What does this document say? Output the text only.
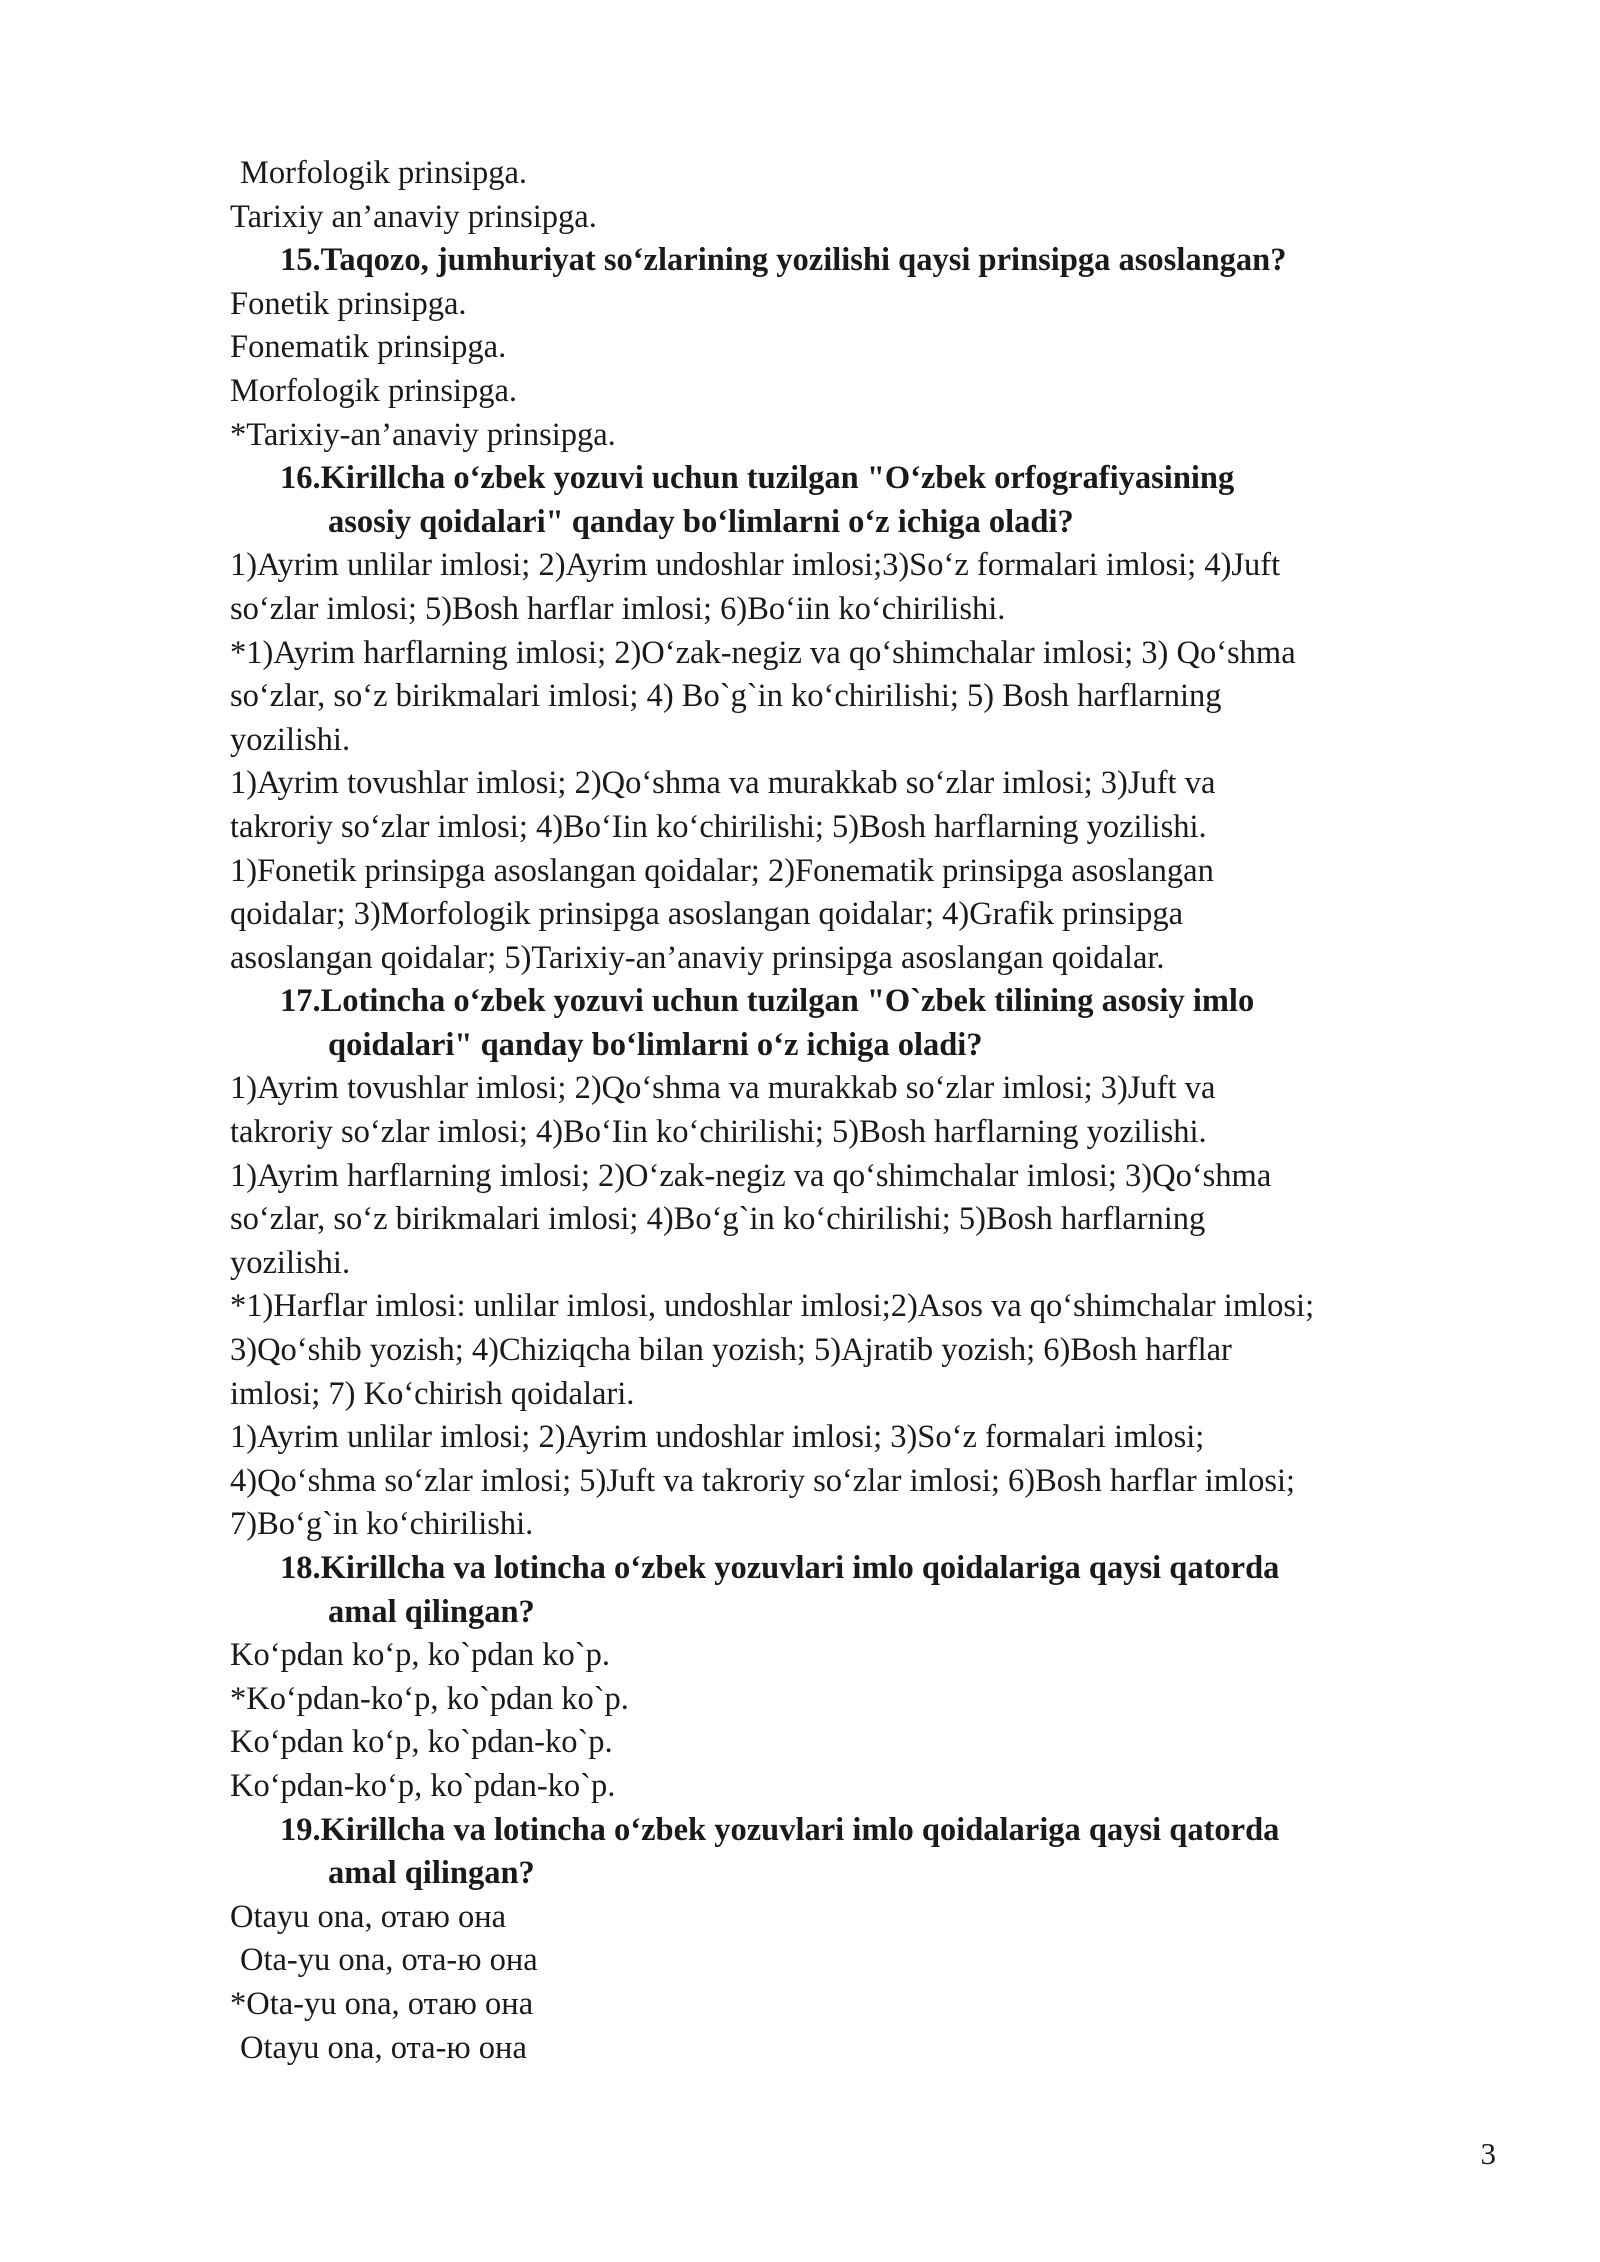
Morfologik prinsipga.
Tarixiy an’anaviy prinsipga.
15.Taqozo, jumhuriyat so‘zlarining yozilishi qaysi prinsipga asoslangan?
Fonetik prinsipga.
Fonematik prinsipga.
Morfologik prinsipga.
*Tarixiy-an’anaviy prinsipga.
16.Kirillcha o‘zbek yozuvi uchun tuzilgan "O‘zbek orfografiyasining
asosiy qoidalari" qanday bo‘limlarni o‘z ichiga oladi?
1)Ayrim unlilar imlosi; 2)Ayrim undoshlar imlosi;3)So‘z formalari imlosi; 4)Juft
so‘zlar imlosi; 5)Bosh harflar imlosi; 6)Bo‘iin ko‘chirilishi.
*1)Ayrim harflarning imlosi; 2)O‘zak-negiz va qo‘shimchalar imlosi; 3) Qo‘shma
so‘zlar, so‘z birikmalari imlosi; 4) Bo`g`in ko‘chirilishi; 5) Bosh harflarning
yozilishi.
1)Ayrim tovushlar imlosi; 2)Qo‘shma va murakkab so‘zlar imlosi; 3)Juft va
takroriy so‘zlar imlosi; 4)Bo‘Iin ko‘chirilishi; 5)Bosh harflarning yozilishi.
1)Fonetik prinsipga asoslangan qoidalar; 2)Fonematik prinsipga asoslangan
qoidalar; 3)Morfologik prinsipga asoslangan qoidalar; 4)Grafik prinsipga
asoslangan qoidalar; 5)Tarixiy-an’anaviy prinsipga asoslangan qoidalar.
17.Lotincha o‘zbek yozuvi uchun tuzilgan "O`zbek tilining asosiy imlo
qoidalari" qanday bo‘limlarni o‘z ichiga oladi?
1)Ayrim tovushlar imlosi; 2)Qo‘shma va murakkab so‘zlar imlosi; 3)Juft va
takroriy so‘zlar imlosi; 4)Bo‘Iin ko‘chirilishi; 5)Bosh harflarning yozilishi.
1)Ayrim harflarning imlosi; 2)O‘zak-negiz va qo‘shimchalar imlosi; 3)Qo‘shma
so‘zlar, so‘z birikmalari imlosi; 4)Bo‘g`in ko‘chirilishi; 5)Bosh harflarning
yozilishi.
*1)Harflar imlosi: unlilar imlosi, undoshlar imlosi;2)Asos va qo‘shimchalar imlosi;
3)Qo‘shib yozish; 4)Chiziqcha bilan yozish; 5)Ajratib yozish; 6)Bosh harflar
imlosi; 7) Ko‘chirish qoidalari.
1)Ayrim unlilar imlosi; 2)Ayrim undoshlar imlosi; 3)So‘z formalari imlosi;
4)Qo‘shma so‘zlar imlosi; 5)Juft va takroriy so‘zlar imlosi; 6)Bosh harflar imlosi;
7)Bo‘g`in ko‘chirilishi.
18.Kirillcha va lotincha o‘zbek yozuvlari imlo qoidalariga qaysi qatorda
amal qilingan?
Ko‘pdan ko‘p, ko`pdan ko`p.
*Ko‘pdan-ko‘p, ko`pdan ko`p.
Ko‘pdan ko‘p, ko`pdan-ko`p.
Ko‘pdan-ko‘p, ko`pdan-ko`p.
19.Kirillcha va lotincha o‘zbek yozuvlari imlo qoidalariga qaysi qatorda
amal qilingan?
Otayu ona, отаю она
Ota-yu ona, ота-ю она
*Ota-yu ona, отаю она
Otayu ona, ота-ю она
3
